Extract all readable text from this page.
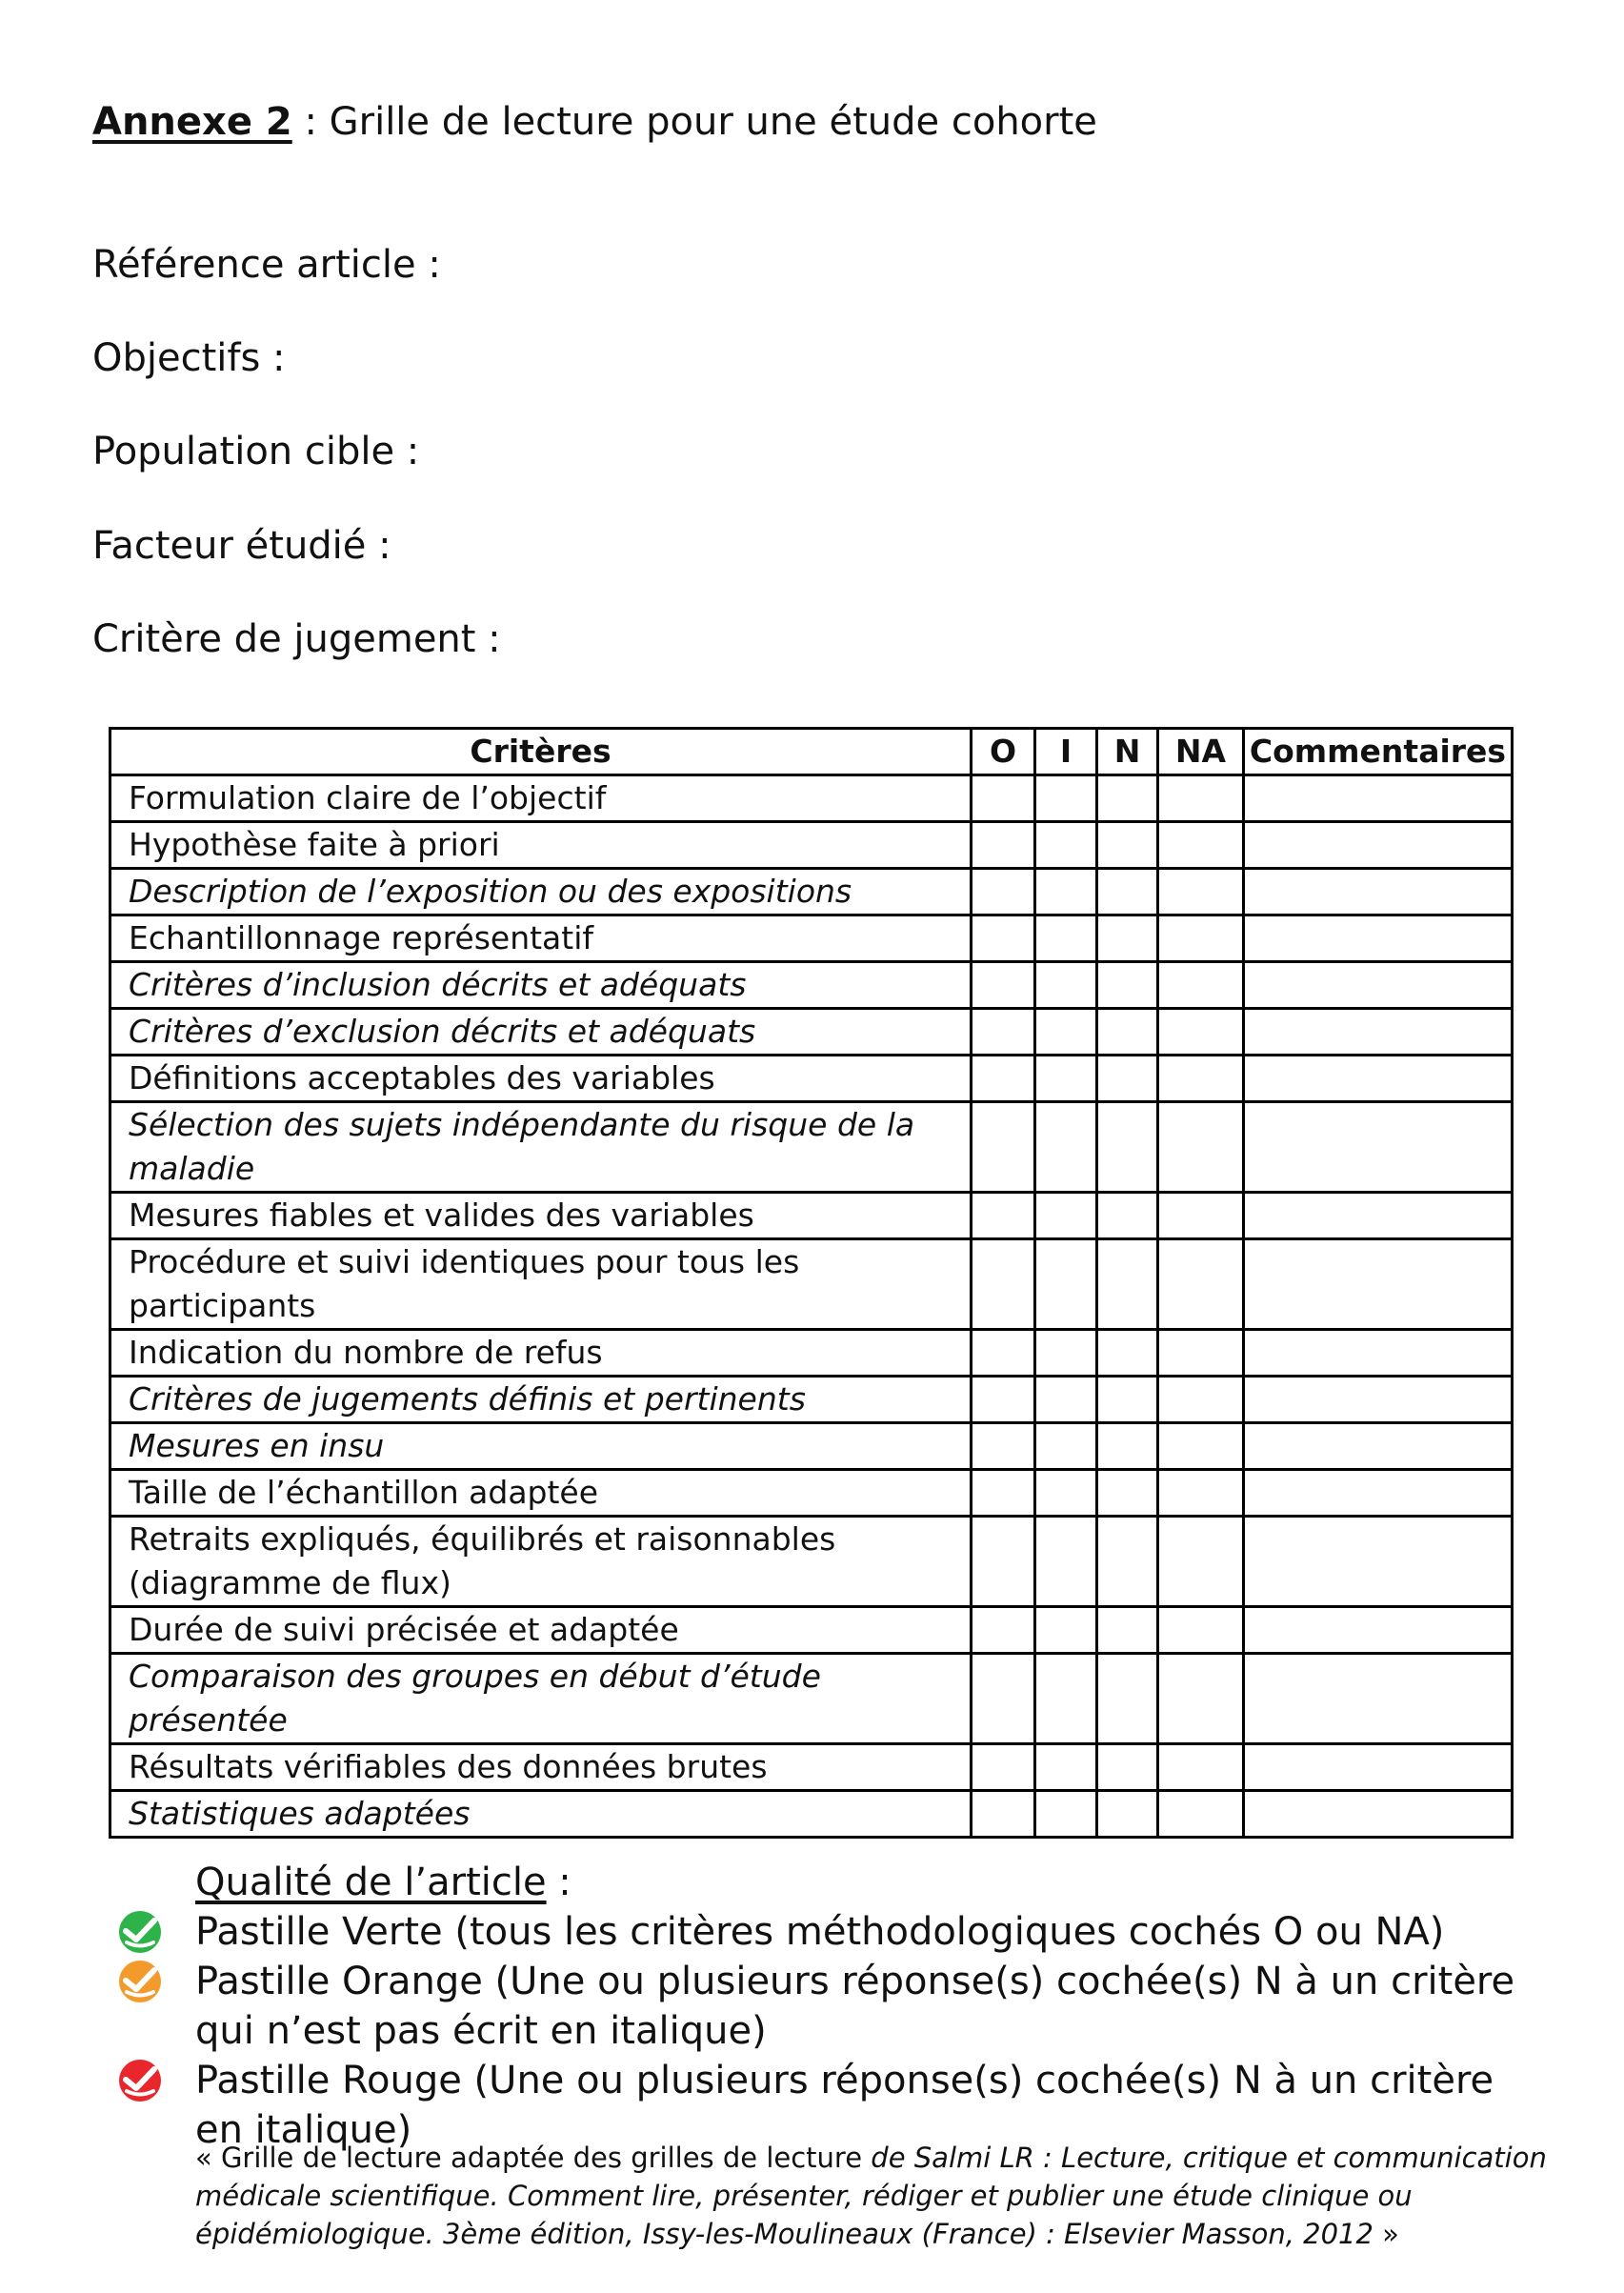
Annexe 2 : Grille de lecture pour une étude cohorte
Référence article :
Objectifs :
Population cible :
Facteur étudié :
Critère de jugement :
Critères	O	I	N	NA	Commentaires
Formulation claire de l’objectif					
Hypothèse faite à priori					
Description de l’exposition ou des expositions					
Echantillonnage représentatif					
Critères d’inclusion décrits et adéquats					
Critères d’exclusion décrits et adéquats					
Définitions acceptables des variables					
Sélection des sujets indépendante du risque de la maladie					
Mesures fiables et valides des variables					
Procédure et suivi identiques pour tous les participants					
Indication du nombre de refus					
Critères de jugements définis et pertinents					
Mesures en insu					
Taille de l’échantillon adaptée					
Retraits expliqués, équilibrés et raisonnables (diagramme de flux)					
Durée de suivi précisée et adaptée					
Comparaison des groupes en début d’étude présentée					
Résultats vérifiables des données brutes					
Statistiques adaptées					
Qualité de l’article :
Pastille Verte (tous les critères méthodologiques cochés O ou NA)
Pastille Orange (Une ou plusieurs réponse(s) cochée(s) N à un critère qui n’est pas écrit en italique)
Pastille Rouge (Une ou plusieurs réponse(s) cochée(s) N à un critère en italique)
« Grille de lecture adaptée des grilles de lecture de Salmi LR : Lecture, critique et communication médicale scientifique. Comment lire, présenter, rédiger et publier une étude clinique ou épidémiologique. 3ème édition, Issy-les-Moulineaux (France) : Elsevier Masson, 2012 »
